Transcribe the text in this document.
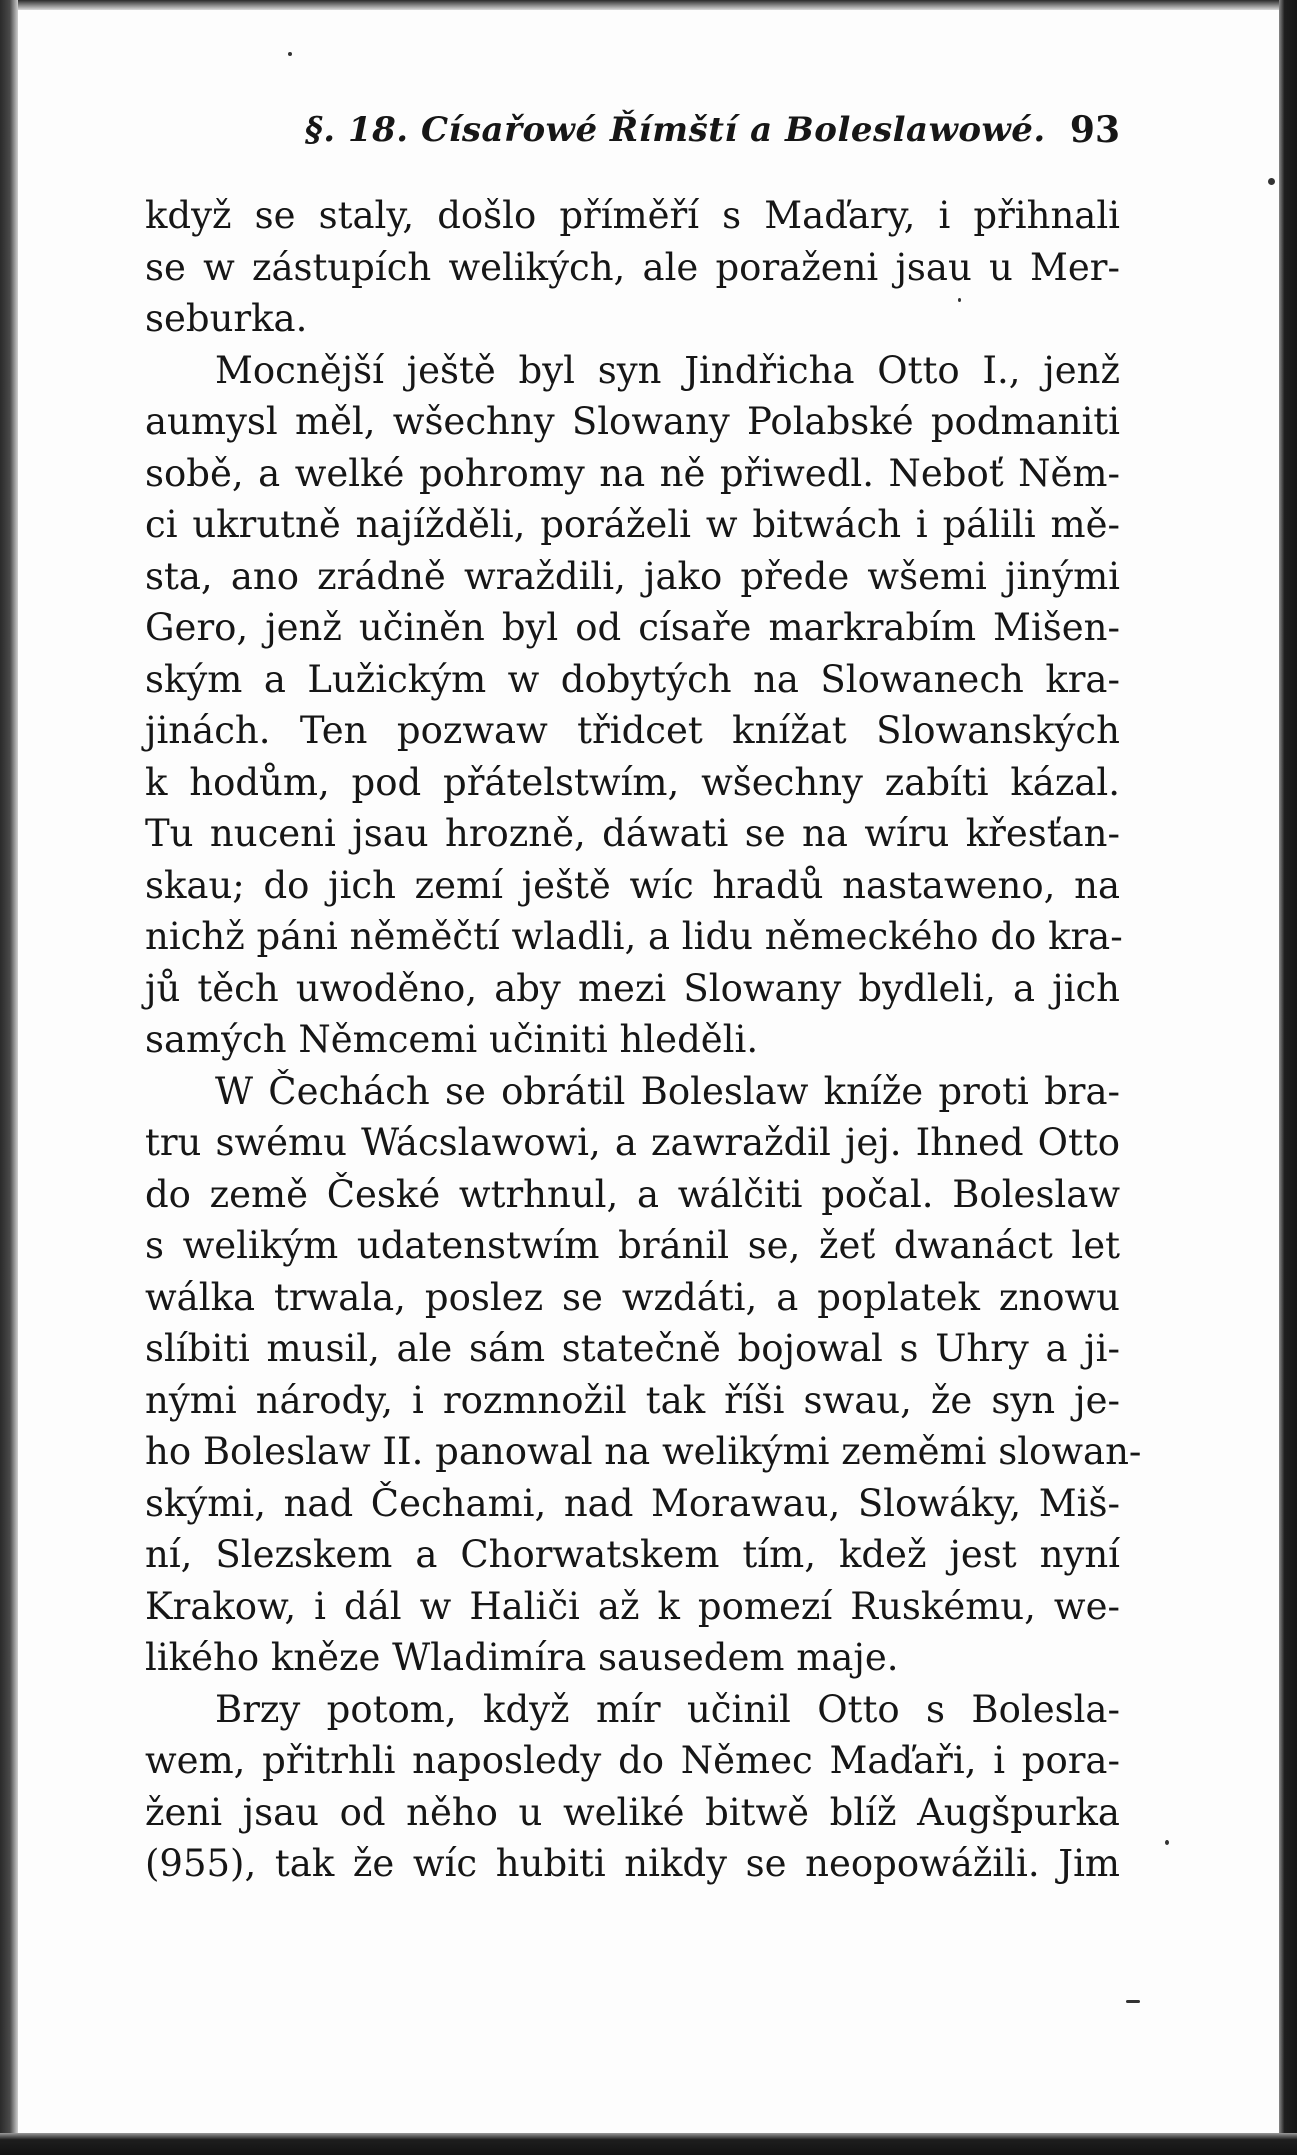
§. 18. Císařowé Římští a Boleslawowé. 93
když se staly, došlo příměří s Maďary, i přihnali
se w zástupích welikých, ale poraženi jsau u Mer-
seburka.
Mocnější ještě byl syn Jindřicha Otto I., jenž
aumysl měl, wšechny Slowany Polabské podmaniti
sobě, a welké pohromy na ně přiwedl. Neboť Něm-
ci ukrutně najížděli, poráželi w bitwách i pálili mě-
sta, ano zrádně wraždili, jako přede wšemi jinými
Gero, jenž učiněn byl od císaře markrabím Mišen-
ským a Lužickým w dobytých na Slowanech kra-
jinách. Ten pozwaw třidcet knížat Slowanských
k hodům, pod přátelstwím, wšechny zabíti kázal.
Tu nuceni jsau hrozně, dáwati se na wíru křesťan-
skau; do jich zemí ještě wíc hradů nastaweno, na
nichž páni něměčtí wladli, a lidu německého do kra-
jů těch uwoděno, aby mezi Slowany bydleli, a jich
samých Němcemi učiniti hleděli.
W Čechách se obrátil Boleslaw kníže proti bra-
tru swému Wácslawowi, a zawraždil jej. Ihned Otto
do země České wtrhnul, a wálčiti počal. Boleslaw
s welikým udatenstwím bránil se, žeť dwanáct let
wálka trwala, poslez se wzdáti, a poplatek znowu
slíbiti musil, ale sám statečně bojowal s Uhry a ji-
nými národy, i rozmnožil tak říši swau, že syn je-
ho Boleslaw II. panowal na welikými zeměmi slowan-
skými, nad Čechami, nad Morawau, Slowáky, Miš-
ní, Slezskem a Chorwatskem tím, kdež jest nyní
Krakow, i dál w Haliči až k pomezí Ruskému, we-
likého kněze Wladimíra sausedem maje.
Brzy potom, když mír učinil Otto s Boleslа-
wem, přitrhli naposledy do Němec Maďaři, i pora-
ženi jsau od něho u weliké bitwě blíž Augšpurka
(955), tak že wíc hubiti nikdy se neopowážili. Jim
